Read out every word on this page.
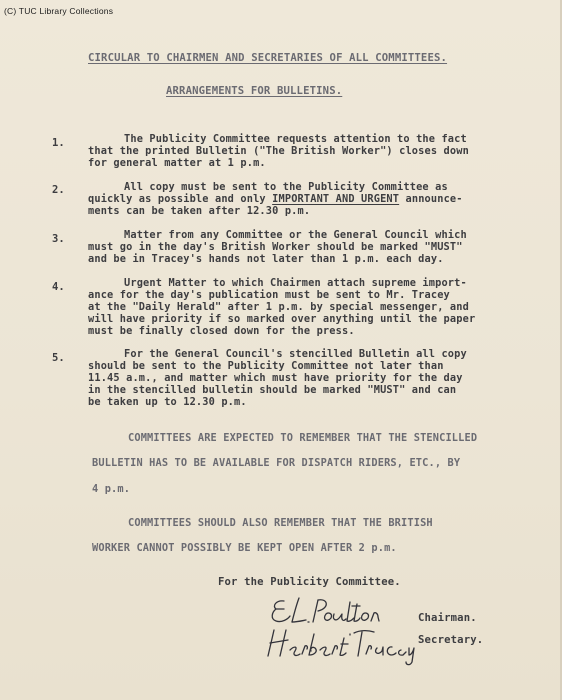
(C) TUC Library Collections
CIRCULAR TO CHAIRMEN AND SECRETARIES OF ALL COMMITTEES.
ARRANGEMENTS FOR BULLETINS.
1.	The Publicity Committee requests attention to the fact
that the printed Bulletin ("The British Worker") closes down
for general matter at 1 p.m.
2.	All copy must be sent to the Publicity Committee as
quickly as possible and only IMPORTANT AND URGENT announce-
ments can be taken after 12.30 p.m.
3.	Matter from any Committee or the General Council which
must go in the day's British Worker should be marked "MUST"
and be in Tracey's hands not later than 1 p.m. each day.
4.	Urgent Matter to which Chairmen attach supreme import-
ance for the day's publication must be sent to Mr. Tracey
at the "Daily Herald" after 1 p.m. by special messenger, and
will have priority if so marked over anything until the paper
must be finally closed down for the press.
5.	For the General Council's stencilled Bulletin all copy
should be sent to the Publicity Committee not later than
11.45 a.m., and matter which must have priority for the day
in the stencilled bulletin should be marked "MUST" and can
be taken up to 12.30 p.m.
COMMITTEES ARE EXPECTED TO REMEMBER THAT THE STENCILLED
BULLETIN HAS TO BE AVAILABLE FOR DISPATCH RIDERS, ETC., BY
4 p.m.
COMMITTEES SHOULD ALSO REMEMBER THAT THE BRITISH
WORKER CANNOT POSSIBLY BE KEPT OPEN AFTER 2 p.m.
For the Publicity Committee.
Chairman.
Secretary.
